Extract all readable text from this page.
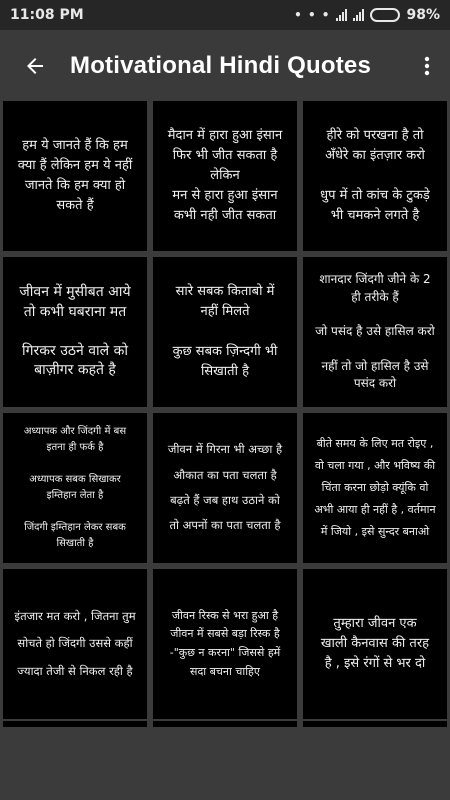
11:08 PM	• • •	98%
Motivational Hindi Quotes
हम ये जानते हैं कि हम
क्या हैं लेकिन हम ये नहीं
जानते कि हम क्या हो
सकते हैं
मैदान में हारा हुआ इंसान
फिर भी जीत सकता है
लेकिन
मन से हारा हुआ इंसान
कभी नही जीत सकता
हीरे को परखना है तो
अँधेरे का इंतज़ार करो

धुप में तो कांच के टुकड़े
भी चमकने लगते है
जीवन में मुसीबत आये
तो कभी घबराना मत

गिरकर उठने वाले को
बाज़ीगर कहते है
सारे सबक किताबो में
नहीं मिलते

कुछ सबक ज़िन्दगी भी
सिखाती है
शानदार जिंदगी जीने के 2
ही तरीके हैं

जो पसंद है उसे हासिल करो

नहीं तो जो हासिल है उसे
पसंद करो
अध्यापक और जिंदगी में बस
इतना ही फर्क है

अध्यापक सबक सिखाकर
इम्तिहान लेता है

जिंदगी इम्तिहान लेकर सबक
सिखाती है
जीवन में गिरना भी अच्छा है
औकात का पता चलता है
बढ़ते हैं जब हाथ उठाने को
तो अपनों का पता चलता है
बीते समय के लिए मत रोइए ,
वो चला गया , और भविष्य की
चिंता करना छोड़ो क्यूंकि वो
अभी आया ही नहीं है , वर्तमान
में जियो , इसे सुन्दर बनाओ
इंतजार मत करो , जितना तुम
सोचते हो जिंदगी उससे कहीं
ज्यादा तेजी से निकल रही है
जीवन रिस्क से भरा हुआ है
जीवन में सबसे बड़ा रिस्क है
-"कुछ न करना" जिससे हमें
सदा बचना चाहिए
तुम्हारा जीवन एक
खाली कैनवास की तरह
है , इसे रंगों से भर दो
